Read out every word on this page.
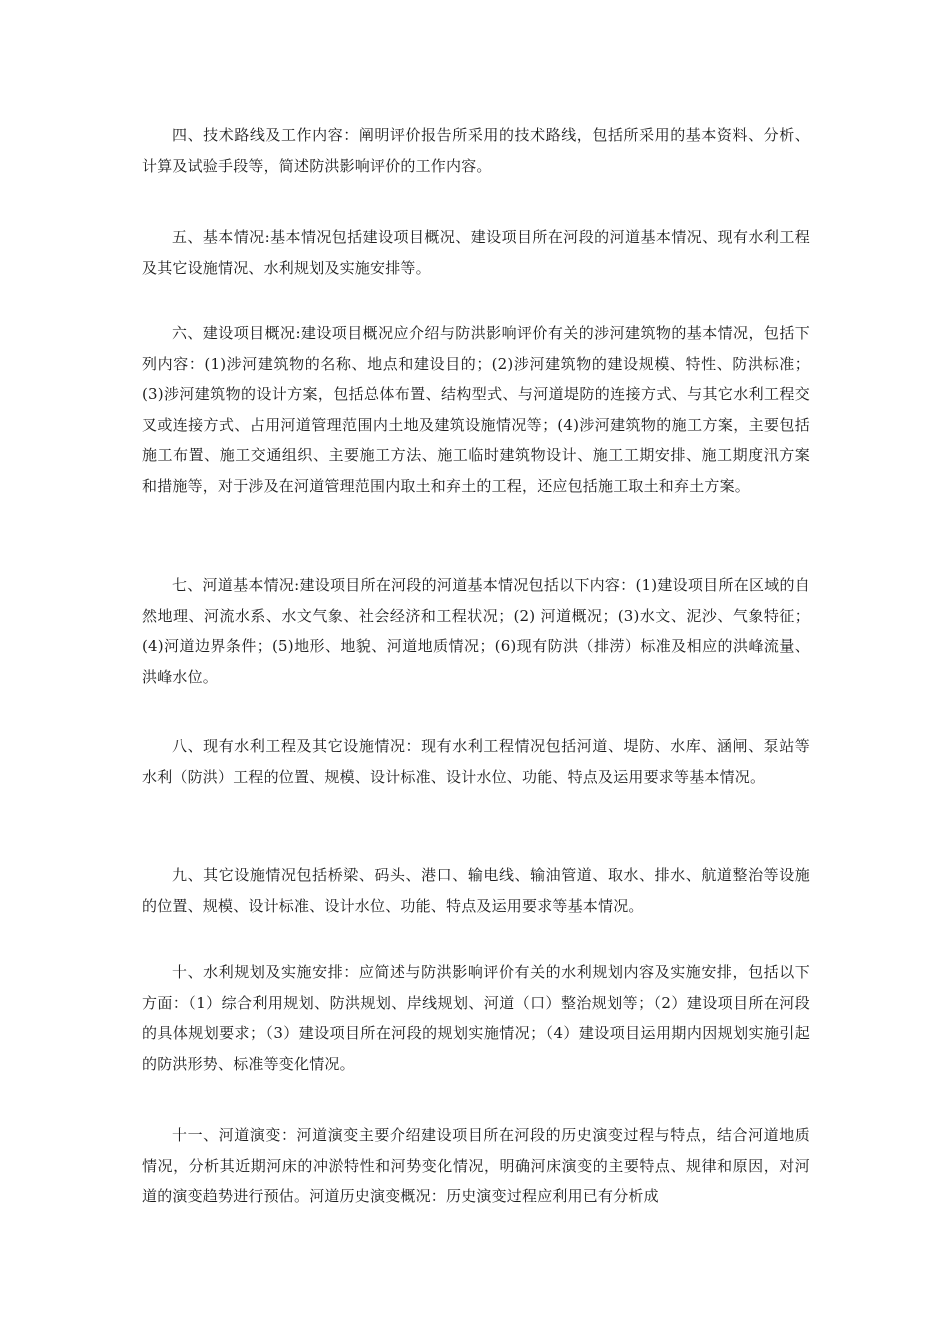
四、技术路线及工作内容：阐明评价报告所采用的技术路线，包括所采用的基本资料、分析、计算及试验手段等，简述防洪影响评价的工作内容。

五、基本情况:基本情况包括建设项目概况、建设项目所在河段的河道基本情况、现有水利工程及其它设施情况、水利规划及实施安排等。

六、建设项目概况:建设项目概况应介绍与防洪影响评价有关的涉河建筑物的基本情况，包括下列内容：(1)涉河建筑物的名称、地点和建设目的；(2)涉河建筑物的建设规模、特性、防洪标准；(3)涉河建筑物的设计方案，包括总体布置、结构型式、与河道堤防的连接方式、与其它水利工程交叉或连接方式、占用河道管理范围内土地及建筑设施情况等；(4)涉河建筑物的施工方案，主要包括施工布置、施工交通组织、主要施工方法、施工临时建筑物设计、施工工期安排、施工期度汛方案和措施等，对于涉及在河道管理范围内取土和弃土的工程，还应包括施工取土和弃土方案。

七、河道基本情况:建设项目所在河段的河道基本情况包括以下内容：(1)建设项目所在区域的自然地理、河流水系、水文气象、社会经济和工程状况；(2) 河道概况；(3)水文、泥沙、气象特征；(4)河道边界条件；(5)地形、地貌、河道地质情况；(6)现有防洪（排涝）标准及相应的洪峰流量、洪峰水位。

八、现有水利工程及其它设施情况：现有水利工程情况包括河道、堤防、水库、涵闸、泵站等水利（防洪）工程的位置、规模、设计标准、设计水位、功能、特点及运用要求等基本情况。

九、其它设施情况包括桥梁、码头、港口、输电线、输油管道、取水、排水、航道整治等设施的位置、规模、设计标准、设计水位、功能、特点及运用要求等基本情况。

十、水利规划及实施安排：应简述与防洪影响评价有关的水利规划内容及实施安排，包括以下方面：（1）综合利用规划、防洪规划、岸线规划、河道（口）整治规划等；（2）建设项目所在河段的具体规划要求；（3）建设项目所在河段的规划实施情况；（4）建设项目运用期内因规划实施引起的防洪形势、标准等变化情况。

十一、河道演变：河道演变主要介绍建设项目所在河段的历史演变过程与特点，结合河道地质情况，分析其近期河床的冲淤特性和河势变化情况，明确河床演变的主要特点、规律和原因，对河道的演变趋势进行预估。河道历史演变概况：历史演变过程应利用已有分析成
